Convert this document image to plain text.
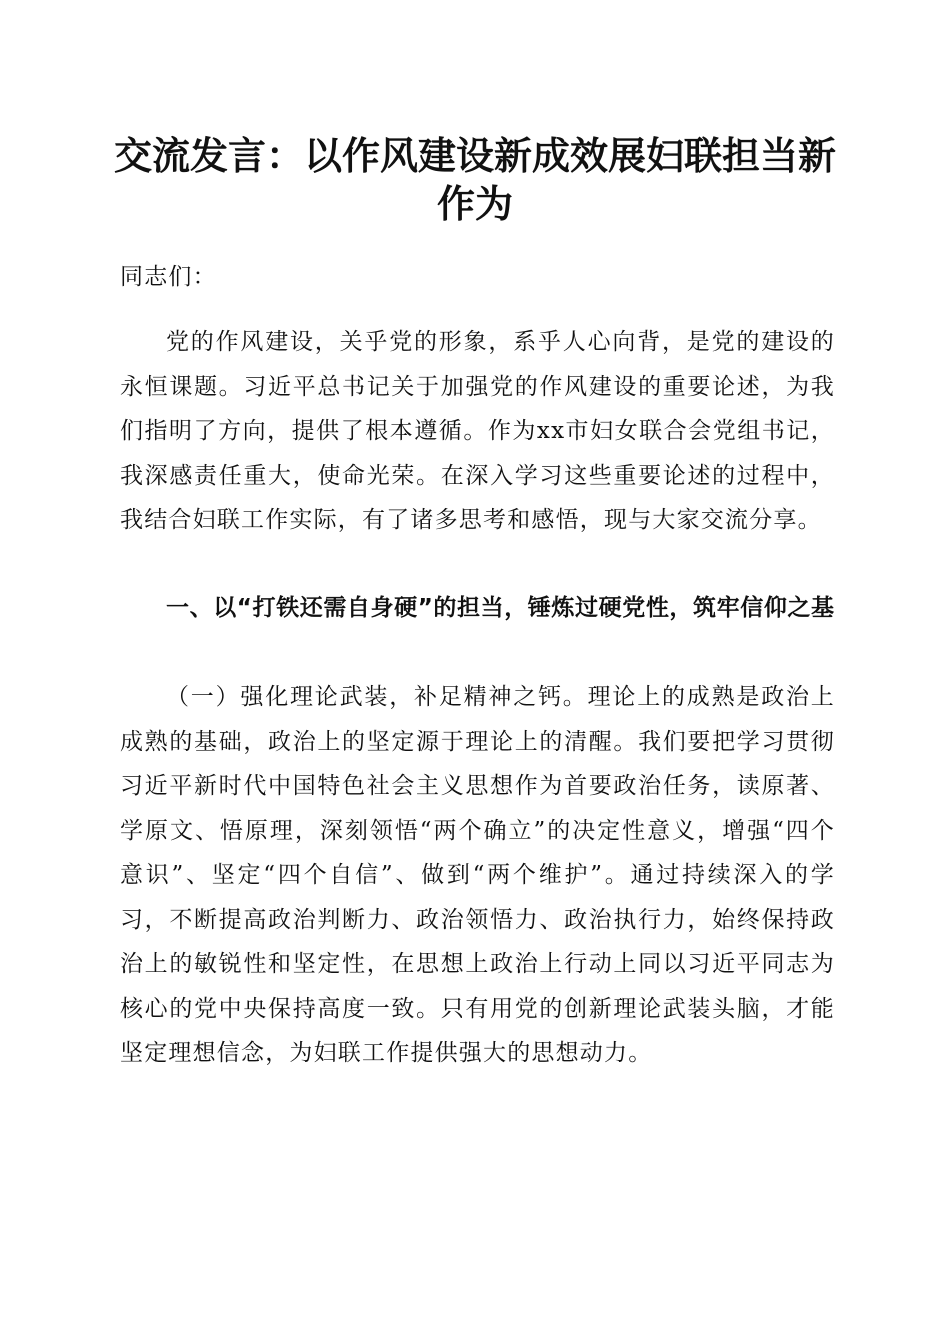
交流发言：以作风建设新成效展妇联担当新作为

同志们：

党的作风建设，关乎党的形象，系乎人心向背，是党的建设的永恒课题。习近平总书记关于加强党的作风建设的重要论述，为我们指明了方向，提供了根本遵循。作为xx市妇女联合会党组书记，我深感责任重大，使命光荣。在深入学习这些重要论述的过程中，我结合妇联工作实际，有了诸多思考和感悟，现与大家交流分享。

一、以“打铁还需自身硬”的担当，锤炼过硬党性，筑牢信仰之基

（一）强化理论武装，补足精神之钙。理论上的成熟是政治上成熟的基础，政治上的坚定源于理论上的清醒。我们要把学习贯彻习近平新时代中国特色社会主义思想作为首要政治任务，读原著、学原文、悟原理，深刻领悟“两个确立”的决定性意义，增强“四个意识”、坚定“四个自信”、做到“两个维护”。通过持续深入的学习，不断提高政治判断力、政治领悟力、政治执行力，始终保持政治上的敏锐性和坚定性，在思想上政治上行动上同以习近平同志为核心的党中央保持高度一致。只有用党的创新理论武装头脑，才能坚定理想信念，为妇联工作提供强大的思想动力。
